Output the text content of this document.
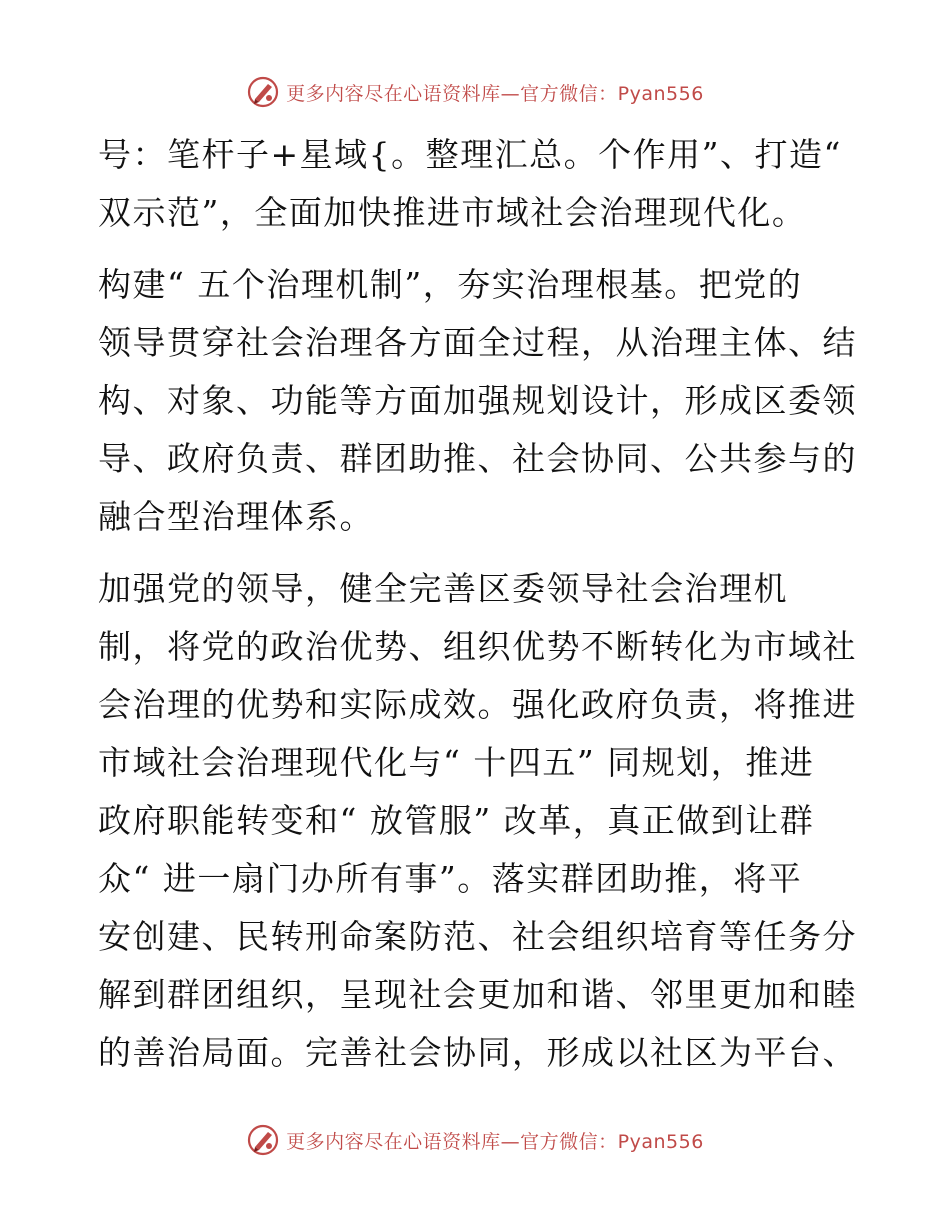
更多内容尽在心语资料库—官方微信：Pyan556

号：笔杆子+星域{。整理汇总。个作用”、打造“
双示范”，全面加快推进市域社会治理现代化。

构建“ 五个治理机制”，夯实治理根基。把党的
领导贯穿社会治理各方面全过程，从治理主体、结
构、对象、功能等方面加强规划设计，形成区委领
导、政府负责、群团助推、社会协同、公共参与的
融合型治理体系。

加强党的领导，健全完善区委领导社会治理机
制，将党的政治优势、组织优势不断转化为市域社
会治理的优势和实际成效。强化政府负责，将推进
市域社会治理现代化与“ 十四五” 同规划，推进
政府职能转变和“ 放管服” 改革，真正做到让群
众“ 进一扇门办所有事”。落实群团助推，将平
安创建、民转刑命案防范、社会组织培育等任务分
解到群团组织，呈现社会更加和谐、邻里更加和睦
的善治局面。完善社会协同，形成以社区为平台、

更多内容尽在心语资料库—官方微信：Pyan556
